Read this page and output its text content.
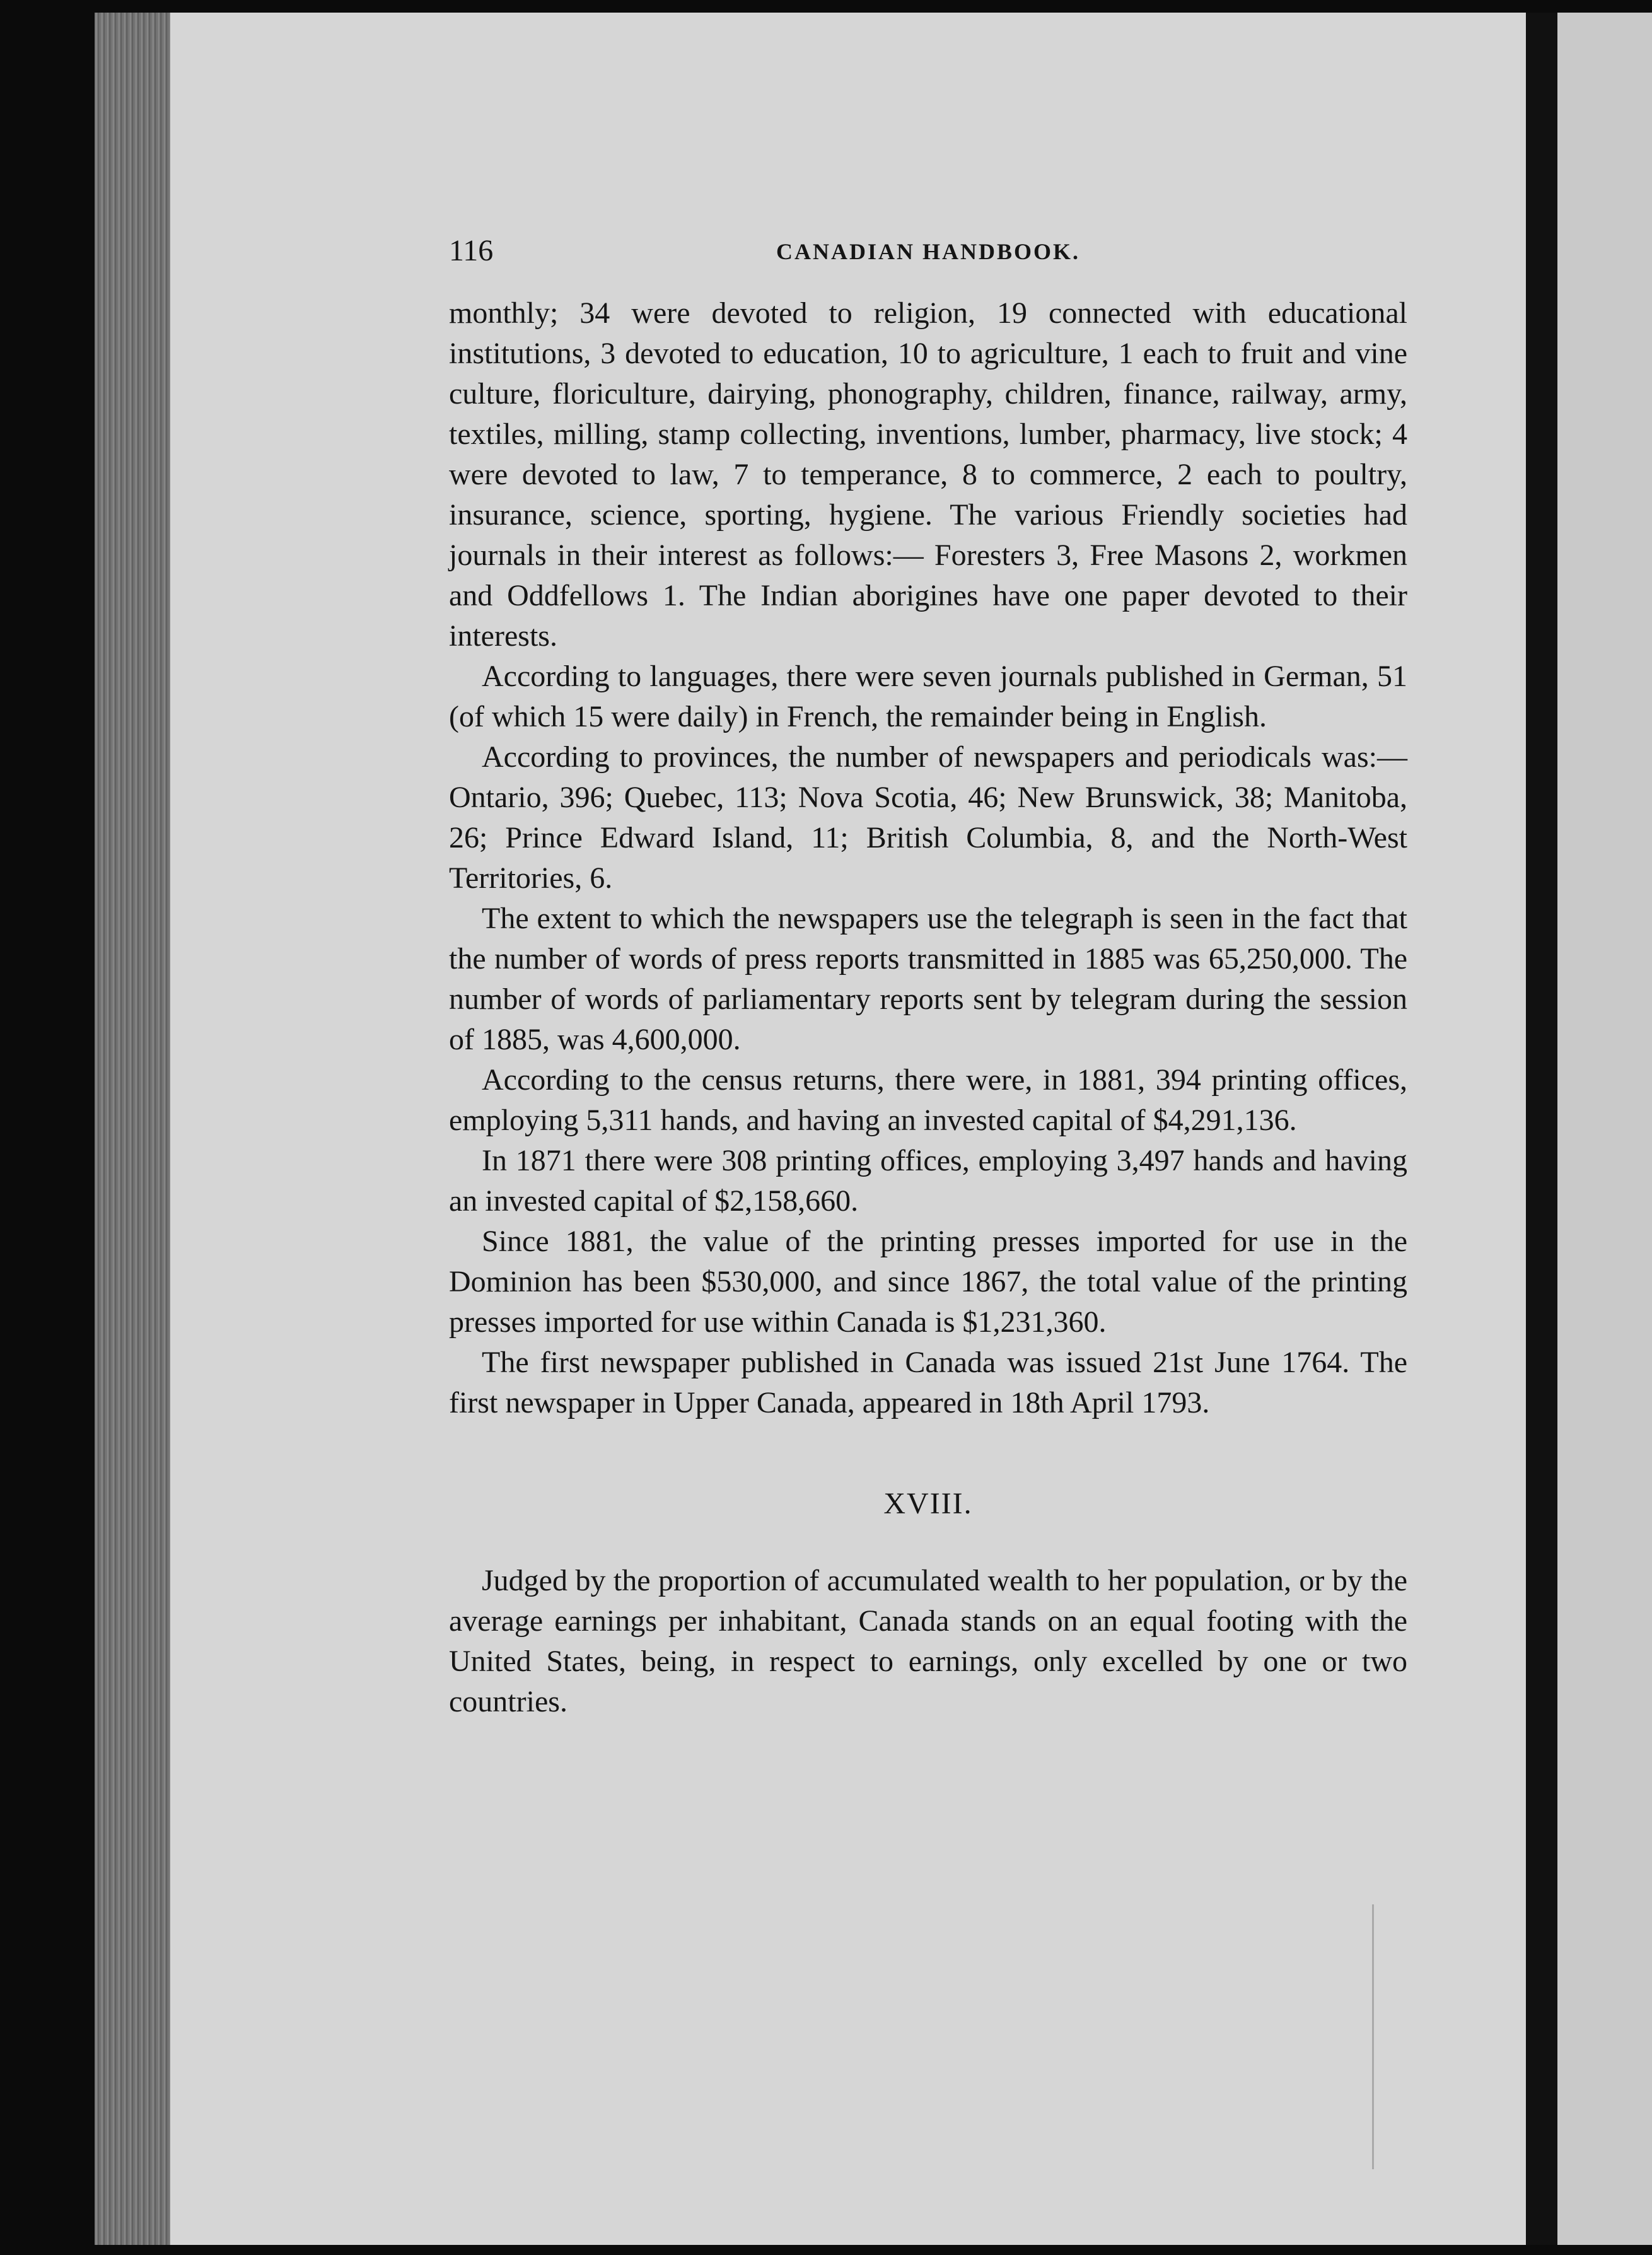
116	CANADIAN HANDBOOK.

monthly; 34 were devoted to religion, 19 connected with educational institutions, 3 devoted to education, 10 to agriculture, 1 each to fruit and vine culture, floriculture, dairying, phonography, children, finance, railway, army, textiles, milling, stamp collecting, inventions, lumber, pharmacy, live stock; 4 were devoted to law, 7 to temperance, 8 to commerce, 2 each to poultry, insurance, science, sporting, hygiene. The various Friendly societies had journals in their interest as follows:— Foresters 3, Free Masons 2, workmen and Oddfellows 1. The Indian aborigines have one paper devoted to their interests.

According to languages, there were seven journals published in German, 51 (of which 15 were daily) in French, the remainder being in English.

According to provinces, the number of newspapers and periodicals was:—Ontario, 396; Quebec, 113; Nova Scotia, 46; New Brunswick, 38; Manitoba, 26; Prince Edward Island, 11; British Columbia, 8, and the North-West Territories, 6.

The extent to which the newspapers use the telegraph is seen in the fact that the number of words of press reports transmitted in 1885 was 65,250,000. The number of words of parliamentary reports sent by telegram during the session of 1885, was 4,600,000.

According to the census returns, there were, in 1881, 394 printing offices, employing 5,311 hands, and having an invested capital of $4,291,136.

In 1871 there were 308 printing offices, employing 3,497 hands and having an invested capital of $2,158,660.

Since 1881, the value of the printing presses imported for use in the Dominion has been $530,000, and since 1867, the total value of the printing presses imported for use within Canada is $1,231,360.

The first newspaper published in Canada was issued 21st June 1764. The first newspaper in Upper Canada, appeared in 18th April 1793.

XVIII.

Judged by the proportion of accumulated wealth to her population, or by the average earnings per inhabitant, Canada stands on an equal footing with the United States, being, in respect to earnings, only excelled by one or two countries.
